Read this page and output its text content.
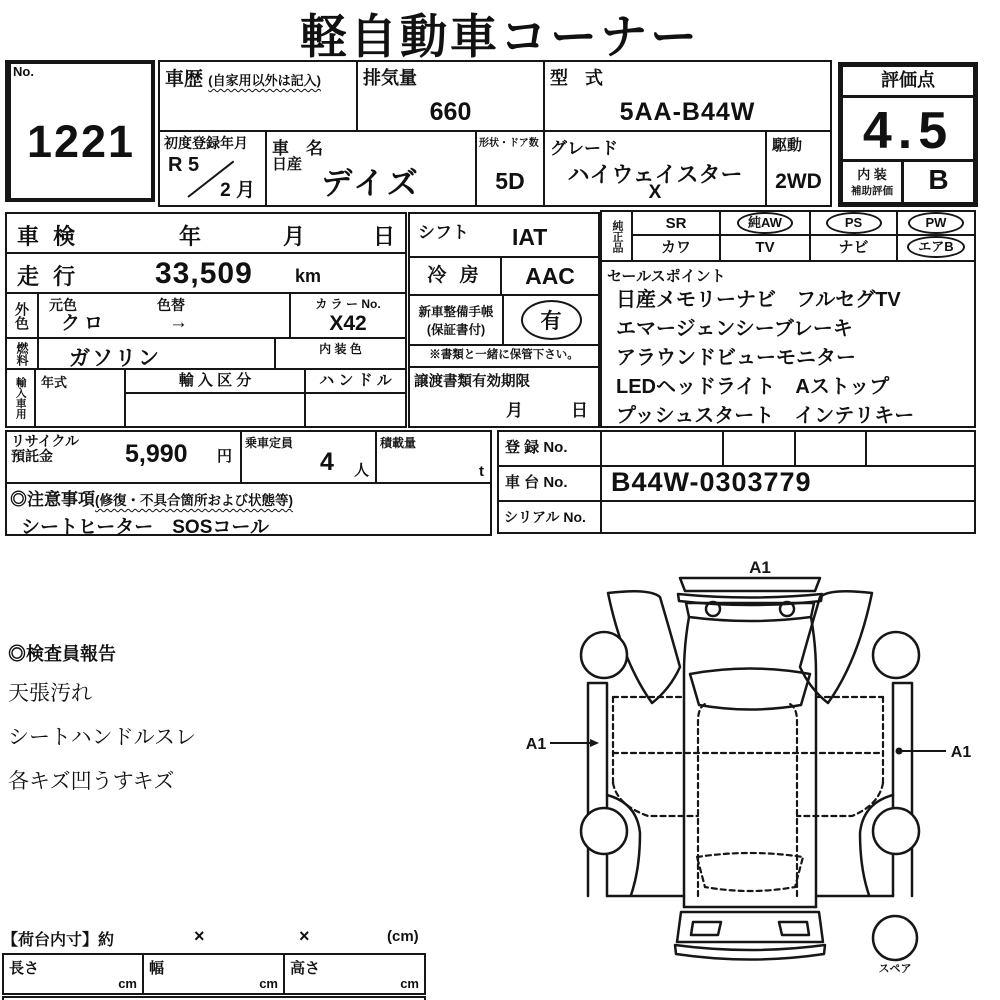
軽自動車コーナー
No.
1221
車歴 (自家用以外は記入) 排気量
660
型 式
5AA-B44W
初度登録年月
R 5
2 月
車　名
日産
デイズ
形状・ドア数
5D
グレード
ハイウェイスター
X
駆動
2WD
評価点
4.5
内 装
補助評価	B
車 検	年	月	日
走 行	33,509 km
外色 元色	色替
クロ	→
カ ラ ー No.
X42
燃料 ガソリン	内 装 色
輸入車用 年式	輸 入 区 分	ハ ン ド ル
シフト IAT
冷 房	AAC
新車整備手帳
(保証書付)	有
※書類と一緒に保管下さい。
譲渡書類有効期限
月	日
純正品	SR	純AW	PS	PW
カワ	TV	ナビ	エアB
セールスポイント
日産メモリーナビ　フルセグTV
エマージェンシーブレーキ
アラウンドビューモニター
LEDヘッドライト　Aストップ
プッシュスタート　インテリキー
リサイクル
預託金	5,990 円
乗車定員
4 人
積載量
t
◎注意事項(修復・不具合箇所および状態等)
シートヒーター　SOSコール
登 録 No.
車 台 No.	B44W-0303779
シリアル No.
◎検査員報告
天張汚れ
シートハンドルスレ
各キズ凹うすキズ
A1
A1	A1
スペア
【荷台内寸】約	×	×	(cm)
長さ
cm
幅
cm
高さ
cm
